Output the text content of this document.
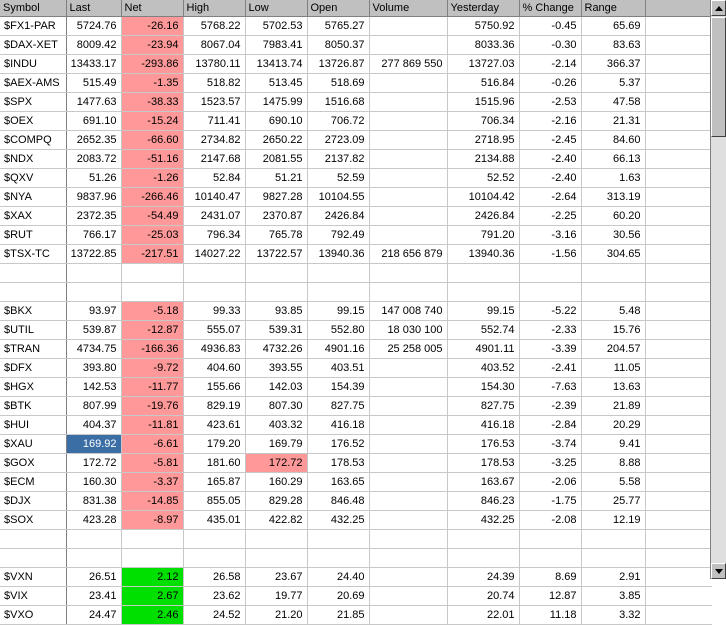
Symbol	Last	Net	High	Low	Open	Volume	Yesterday	% Change	Range	
$FX1-PAR	5724.76	-26.16	5768.22	5702.53	5765.27		5750.92	-0.45	65.69	
$DAX-XET	8009.42	-23.94	8067.04	7983.41	8050.37		8033.36	-0.30	83.63	
$INDU	13433.17	-293.86	13780.11	13413.74	13726.87	277 869 550	13727.03	-2.14	366.37	
$AEX-AMS	515.49	-1.35	518.82	513.45	518.69		516.84	-0.26	5.37	
$SPX	1477.63	-38.33	1523.57	1475.99	1516.68		1515.96	-2.53	47.58	
$OEX	691.10	-15.24	711.41	690.10	706.72		706.34	-2.16	21.31	
$COMPQ	2652.35	-66.60	2734.82	2650.22	2723.09		2718.95	-2.45	84.60	
$NDX	2083.72	-51.16	2147.68	2081.55	2137.82		2134.88	-2.40	66.13	
$QXV	51.26	-1.26	52.84	51.21	52.59		52.52	-2.40	1.63	
$NYA	9837.96	-266.46	10140.47	9827.28	10104.55		10104.42	-2.64	313.19	
$XAX	2372.35	-54.49	2431.07	2370.87	2426.84		2426.84	-2.25	60.20	
$RUT	766.17	-25.03	796.34	765.78	792.49		791.20	-3.16	30.56	
$TSX-TC	13722.85	-217.51	14027.22	13722.57	13940.36	218 656 879	13940.36	-1.56	304.65	

$BKX	93.97	-5.18	99.33	93.85	99.15	147 008 740	99.15	-5.22	5.48	
$UTIL	539.87	-12.87	555.07	539.31	552.80	18 030 100	552.74	-2.33	15.76	
$TRAN	4734.75	-166.36	4936.83	4732.26	4901.16	25 258 005	4901.11	-3.39	204.57	
$DFX	393.80	-9.72	404.60	393.55	403.51		403.52	-2.41	11.05	
$HGX	142.53	-11.77	155.66	142.03	154.39		154.30	-7.63	13.63	
$BTK	807.99	-19.76	829.19	807.30	827.75		827.75	-2.39	21.89	
$HUI	404.37	-11.81	423.61	403.32	416.18		416.18	-2.84	20.29	
$XAU	169.92	-6.61	179.20	169.79	176.52		176.53	-3.74	9.41	
$GOX	172.72	-5.81	181.60	172.72	178.53		178.53	-3.25	8.88	
$ECM	160.30	-3.37	165.87	160.29	163.65		163.67	-2.06	5.58	
$DJX	831.38	-14.85	855.05	829.28	846.48		846.23	-1.75	25.77	
$SOX	423.28	-8.97	435.01	422.82	432.25		432.25	-2.08	12.19	

$VXN	26.51	2.12	26.58	23.67	24.40		24.39	8.69	2.91	
$VIX	23.41	2.67	23.62	19.77	20.69		20.74	12.87	3.85	
$VXO	24.47	2.46	24.52	21.20	21.85		22.01	11.18	3.32	
